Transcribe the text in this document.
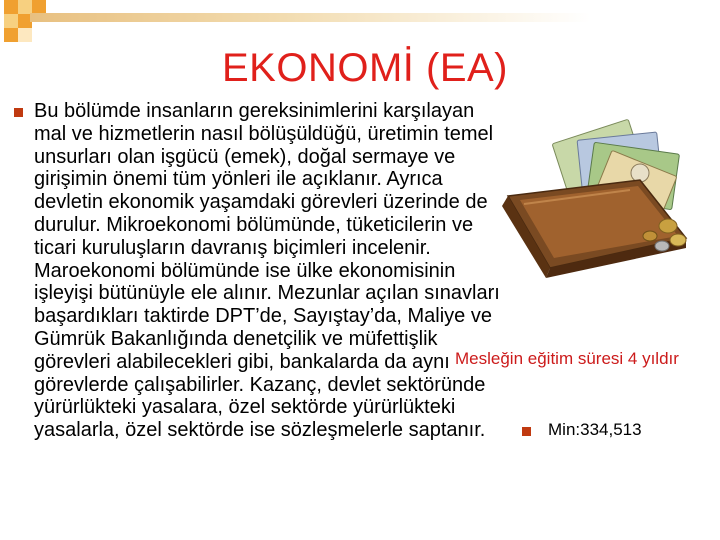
EKONOMİ (EA)
Bu bölümde insanların gereksinimlerini karşılayan mal ve hizmetlerin nasıl bölüşüldüğü, üretimin temel unsurları olan işgücü (emek), doğal sermaye ve girişimin önemi tüm yönleri ile açıklanır. Ayrıca devletin ekonomik yaşamdaki görevleri üzerinde de durulur. Mikroekonomi bölümünde, tüketicilerin ve ticari kuruluşların davranış biçimleri incelenir. Maroekonomi bölümünde ise ülke ekonomisinin işleyişi bütünüyle ele alınır. Mezunlar açılan sınavları başardıkları taktirde DPT’de, Sayıştay’da, Maliye ve Gümrük Bakanlığında denetçilik ve müfettişlik görevleri alabilecekleri gibi, bankalarda da aynı görevlerde çalışabilirler. Kazanç, devlet sektöründe yürürlükteki yasalara, özel sektörde yürürlükteki yasalarla, özel sektörde ise sözleşmelerle saptanır.
Mesleğin eğitim süresi 4 yıldır
Min:334,513
